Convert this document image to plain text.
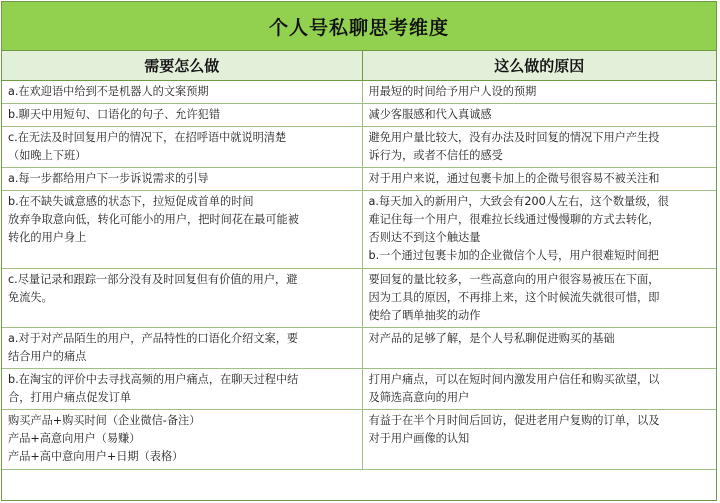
个人号私聊思考维度
需要怎么做	这么做的原因

a.在欢迎语中给到不是机器人的文案预期	用最短的时间给予用户人设的预期

b.聊天中用短句、口语化的句子、允许犯错	减少客服感和代入真诚感

c.在无法及时回复用户的情况下，在招呼语中就说明清楚
（如晚上下班）	避免用户量比较大，没有办法及时回复的情况下用户产生投
诉行为，或者不信任的感受

a.每一步都给用户下一步诉说需求的引导	对于用户来说，通过包裹卡加上的企微号很容易不被关注和

b.在不缺失诚意感的状态下，拉短促成首单的时间
放弃争取意向低，转化可能小的用户，把时间花在最可能被
转化的用户身上	a.每天加入的新用户，大致会有200人左右，这个数量级，很
难记住每一个用户，很难拉长线通过慢慢聊的方式去转化，
否则达不到这个触达量
b.一个通过包裹卡加的企业微信个人号，用户很难短时间把

c.尽量记录和跟踪一部分没有及时回复但有价值的用户，避
免流失。	要回复的量比较多，一些高意向的用户很容易被压在下面，
因为工具的原因，不再排上来，这个时候流失就很可惜，即
使给了晒单抽奖的动作

a.对于对产品陌生的用户，产品特性的口语化介绍文案，要
结合用户的痛点	对产品的足够了解，是个人号私聊促进购买的基础

b.在淘宝的评价中去寻找高频的用户痛点，在聊天过程中结
合，打用户痛点促发订单	打用户痛点，可以在短时间内激发用户信任和购买欲望，以
及筛选高意向的用户

购买产品+购买时间（企业微信-备注）
产品+高意向用户（易赚）
产品+高中意向用户+日期（表格）	有益于在半个月时间后回访，促进老用户复购的订单，以及
对于用户画像的认知
